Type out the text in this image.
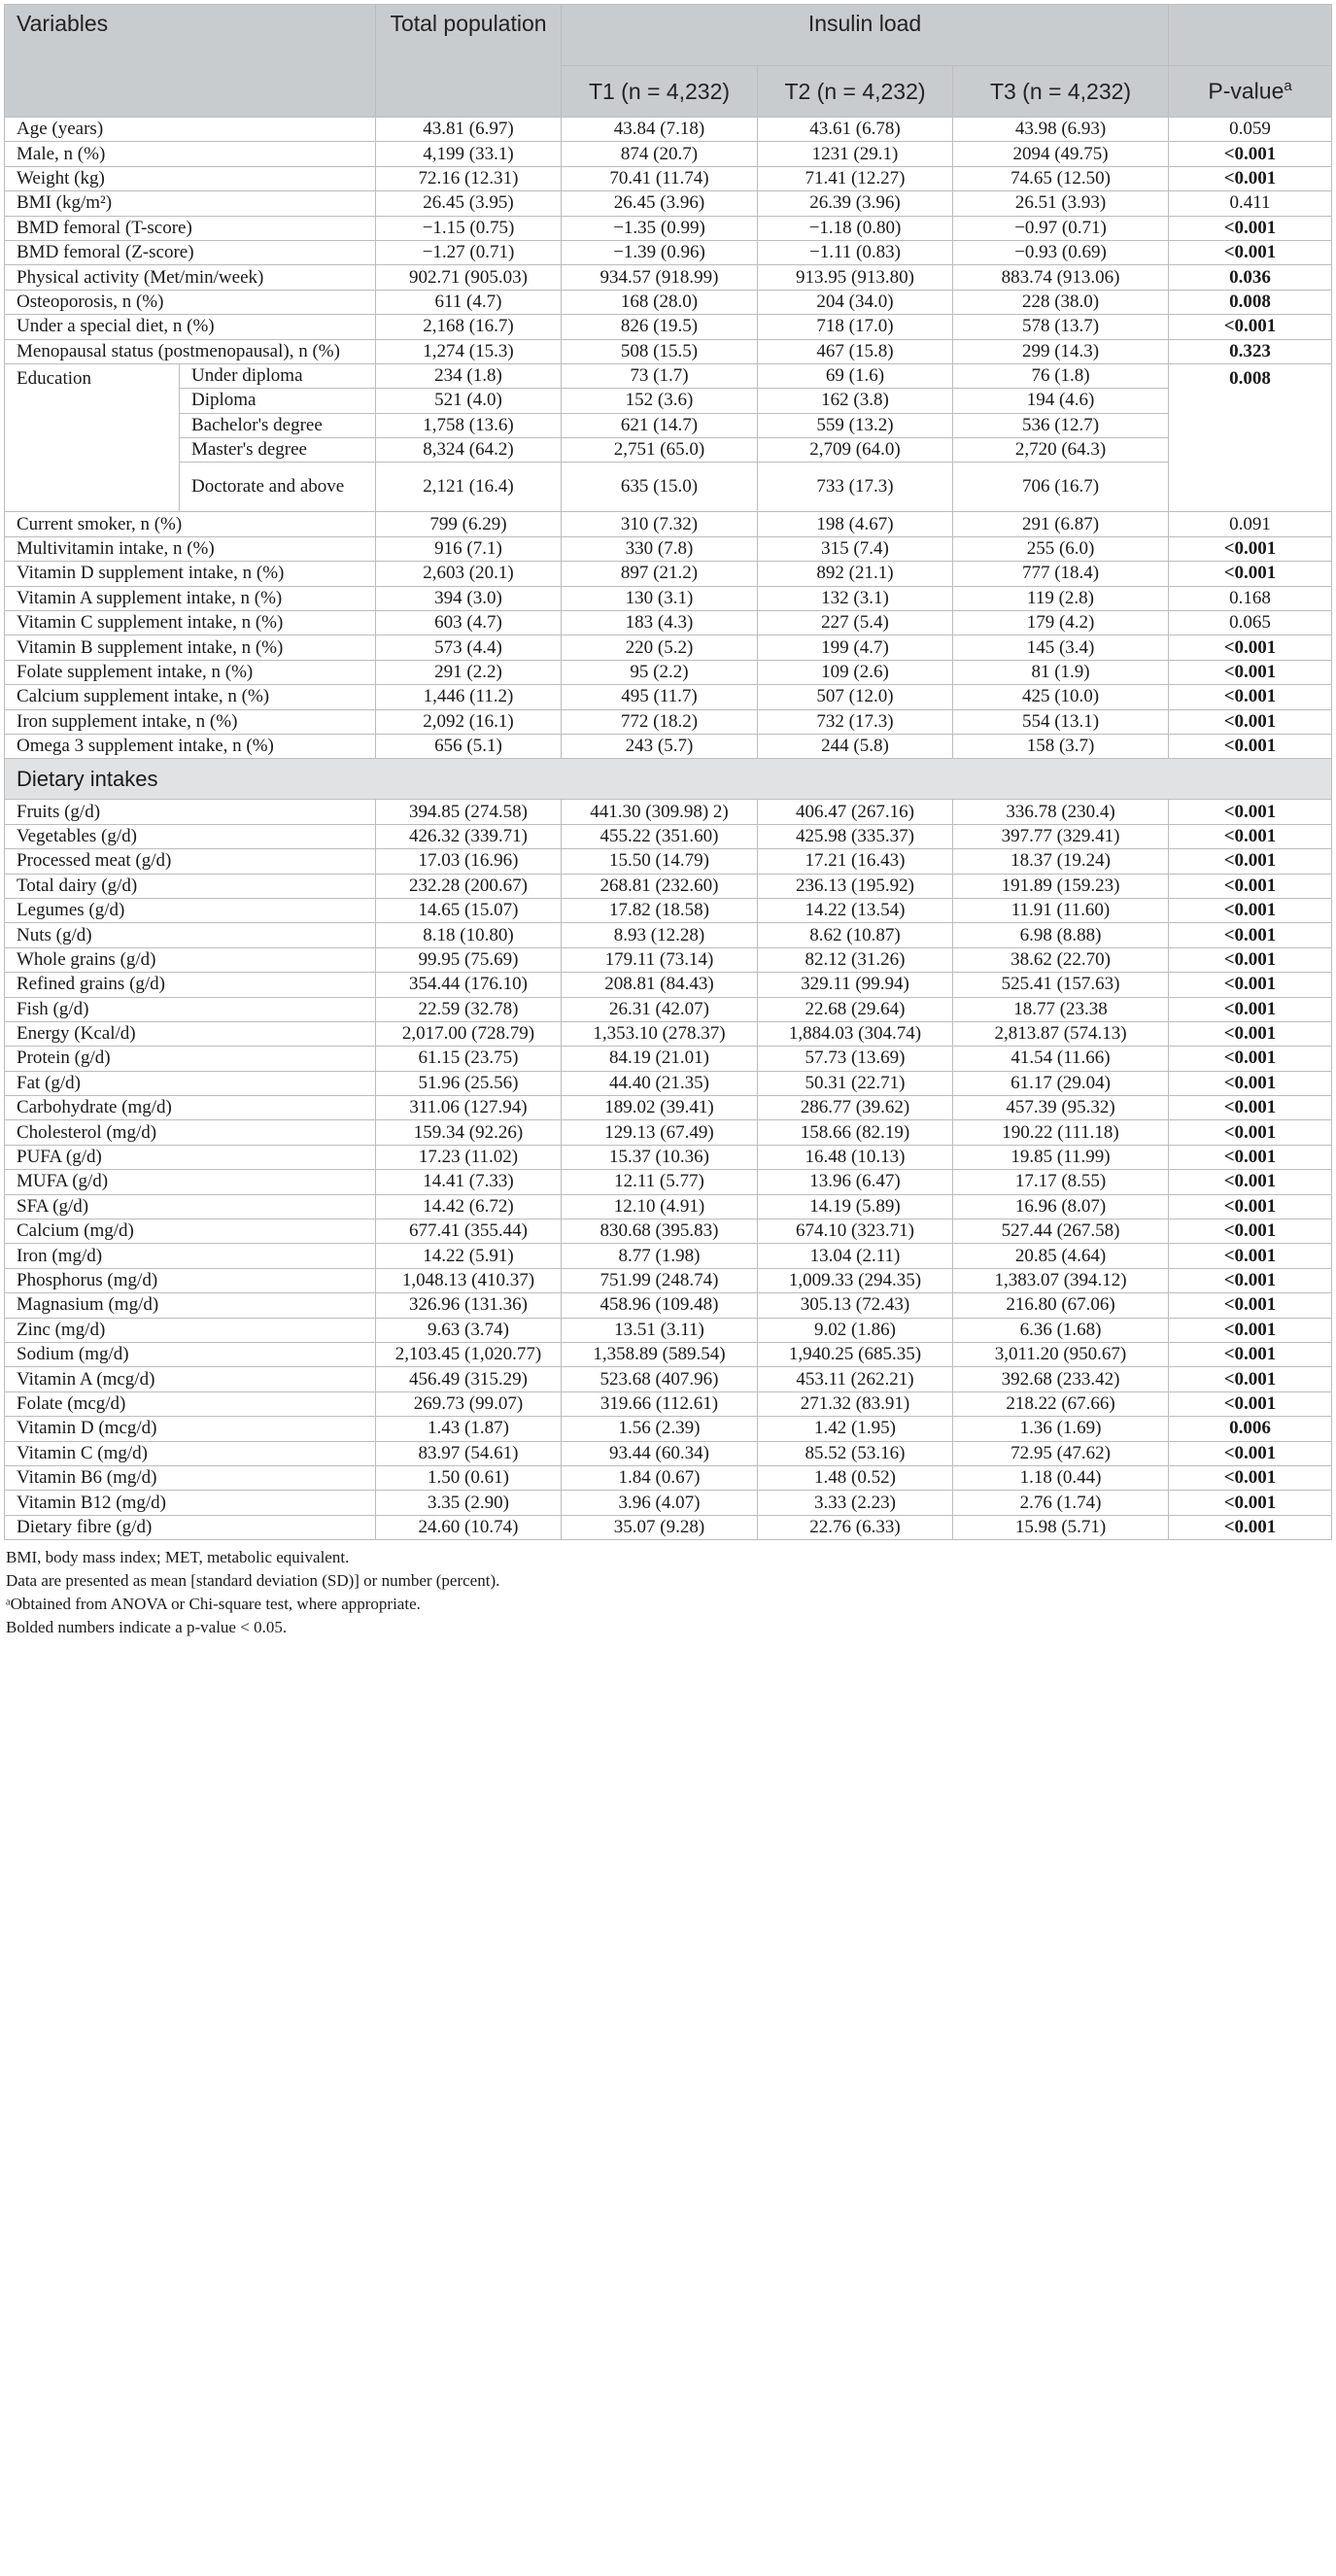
Variables		Total population	Insulin load			
			T1 (n = 4,232)	T2 (n = 4,232)	T3 (n = 4,232)	P-value$^a$
Age (years)		43.81 (6.97)	43.84 (7.18)	43.61 (6.78)	43.98 (6.93)	0.059
Male, n (%)		4,199 (33.1)	874 (20.7)	1231 (29.1)	2094 (49.75)	<0.001
Weight (kg)		72.16 (12.31)	70.41 (11.74)	71.41 (12.27)	74.65 (12.50)	<0.001
BMI (kg/m²)		26.45 (3.95)	26.45 (3.96)	26.39 (3.96)	26.51 (3.93)	0.411
BMD femoral (T-score)		−1.15 (0.75)	−1.35 (0.99)	−1.18 (0.80)	−0.97 (0.71)	<0.001
BMD femoral (Z-score)		−1.27 (0.71)	−1.39 (0.96)	−1.11 (0.83)	−0.93 (0.69)	<0.001
Physical activity (Met/min/week)		902.71 (905.03)	934.57 (918.99)	913.95 (913.80)	883.74 (913.06)	0.036
Osteoporosis, n (%)		611 (4.7)	168 (28.0)	204 (34.0)	228 (38.0)	0.008
Under a special diet, n (%)		2,168 (16.7)	826 (19.5)	718 (17.0)	578 (13.7)	<0.001
Menopausal status (postmenopausal), n (%)		1,274 (15.3)	508 (15.5)	467 (15.8)	299 (14.3)	0.323
Education	Under diploma	234 (1.8)	73 (1.7)	69 (1.6)	76 (1.8)	0.008
	Diploma	521 (4.0)	152 (3.6)	162 (3.8)	194 (4.6)	
	Bachelor's degree	1,758 (13.6)	621 (14.7)	559 (13.2)	536 (12.7)	
	Master's degree	8,324 (64.2)	2,751 (65.0)	2,709 (64.0)	2,720 (64.3)	
	Doctorate and above	2,121 (16.4)	635 (15.0)	733 (17.3)	706 (16.7)	
Current smoker, n (%)		799 (6.29)	310 (7.32)	198 (4.67)	291 (6.87)	0.091
Multivitamin intake, n (%)		916 (7.1)	330 (7.8)	315 (7.4)	255 (6.0)	<0.001
Vitamin D supplement intake, n (%)		2,603 (20.1)	897 (21.2)	892 (21.1)	777 (18.4)	<0.001
Vitamin A supplement intake, n (%)		394 (3.0)	130 (3.1)	132 (3.1)	119 (2.8)	0.168
Vitamin C supplement intake, n (%)		603 (4.7)	183 (4.3)	227 (5.4)	179 (4.2)	0.065
Vitamin B supplement intake, n (%)		573 (4.4)	220 (5.2)	199 (4.7)	145 (3.4)	<0.001
Folate supplement intake, n (%)		291 (2.2)	95 (2.2)	109 (2.6)	81 (1.9)	<0.001
Calcium supplement intake, n (%)		1,446 (11.2)	495 (11.7)	507 (12.0)	425 (10.0)	<0.001
Iron supplement intake, n (%)		2,092 (16.1)	772 (18.2)	732 (17.3)	554 (13.1)	<0.001
Omega 3 supplement intake, n (%)		656 (5.1)	243 (5.7)	244 (5.8)	158 (3.7)	<0.001
Dietary intakes						
Fruits (g/d)		394.85 (274.58)	441.30 (309.98) 2)	406.47 (267.16)	336.78 (230.4)	<0.001
Vegetables (g/d)		426.32 (339.71)	455.22 (351.60)	425.98 (335.37)	397.77 (329.41)	<0.001
Processed meat (g/d)		17.03 (16.96)	15.50 (14.79)	17.21 (16.43)	18.37 (19.24)	<0.001
Total dairy (g/d)		232.28 (200.67)	268.81 (232.60)	236.13 (195.92)	191.89 (159.23)	<0.001
Legumes (g/d)		14.65 (15.07)	17.82 (18.58)	14.22 (13.54)	11.91 (11.60)	<0.001
Nuts (g/d)		8.18 (10.80)	8.93 (12.28)	8.62 (10.87)	6.98 (8.88)	<0.001
Whole grains (g/d)		99.95 (75.69)	179.11 (73.14)	82.12 (31.26)	38.62 (22.70)	<0.001
Refined grains (g/d)		354.44 (176.10)	208.81 (84.43)	329.11 (99.94)	525.41 (157.63)	<0.001
Fish (g/d)		22.59 (32.78)	26.31 (42.07)	22.68 (29.64)	18.77 (23.38	<0.001
Energy (Kcal/d)		2,017.00 (728.79)	1,353.10 (278.37)	1,884.03 (304.74)	2,813.87 (574.13)	<0.001
Protein (g/d)		61.15 (23.75)	84.19 (21.01)	57.73 (13.69)	41.54 (11.66)	<0.001
Fat (g/d)		51.96 (25.56)	44.40 (21.35)	50.31 (22.71)	61.17 (29.04)	<0.001
Carbohydrate (mg/d)		311.06 (127.94)	189.02 (39.41)	286.77 (39.62)	457.39 (95.32)	<0.001
Cholesterol (mg/d)		159.34 (92.26)	129.13 (67.49)	158.66 (82.19)	190.22 (111.18)	<0.001
PUFA (g/d)		17.23 (11.02)	15.37 (10.36)	16.48 (10.13)	19.85 (11.99)	<0.001
MUFA (g/d)		14.41 (7.33)	12.11 (5.77)	13.96 (6.47)	17.17 (8.55)	<0.001
SFA (g/d)		14.42 (6.72)	12.10 (4.91)	14.19 (5.89)	16.96 (8.07)	<0.001
Calcium (mg/d)		677.41 (355.44)	830.68 (395.83)	674.10 (323.71)	527.44 (267.58)	<0.001
Iron (mg/d)		14.22 (5.91)	8.77 (1.98)	13.04 (2.11)	20.85 (4.64)	<0.001
Phosphorus (mg/d)		1,048.13 (410.37)	751.99 (248.74)	1,009.33 (294.35)	1,383.07 (394.12)	<0.001
Magnasium (mg/d)		326.96 (131.36)	458.96 (109.48)	305.13 (72.43)	216.80 (67.06)	<0.001
Zinc (mg/d)		9.63 (3.74)	13.51 (3.11)	9.02 (1.86)	6.36 (1.68)	<0.001
Sodium (mg/d)		2,103.45 (1,020.77)	1,358.89 (589.54)	1,940.25 (685.35)	3,011.20 (950.67)	<0.001
Vitamin A (mcg/d)		456.49 (315.29)	523.68 (407.96)	453.11 (262.21)	392.68 (233.42)	<0.001
Folate (mcg/d)		269.73 (99.07)	319.66 (112.61)	271.32 (83.91)	218.22 (67.66)	<0.001
Vitamin D (mcg/d)		1.43 (1.87)	1.56 (2.39)	1.42 (1.95)	1.36 (1.69)	0.006
Vitamin C (mg/d)		83.97 (54.61)	93.44 (60.34)	85.52 (53.16)	72.95 (47.62)	<0.001
Vitamin B6 (mg/d)		1.50 (0.61)	1.84 (0.67)	1.48 (0.52)	1.18 (0.44)	<0.001
Vitamin B12 (mg/d)		3.35 (2.90)	3.96 (4.07)	3.33 (2.23)	2.76 (1.74)	<0.001
Dietary fibre (g/d)		24.60 (10.74)	35.07 (9.28)	22.76 (6.33)	15.98 (5.71)	<0.001
BMI, body mass index; MET, metabolic equivalent.
Data are presented as mean [standard deviation (SD)] or number (percent).
ᵃObtained from ANOVA or Chi-square test, where appropriate.
Bolded numbers indicate a p-value < 0.05.
